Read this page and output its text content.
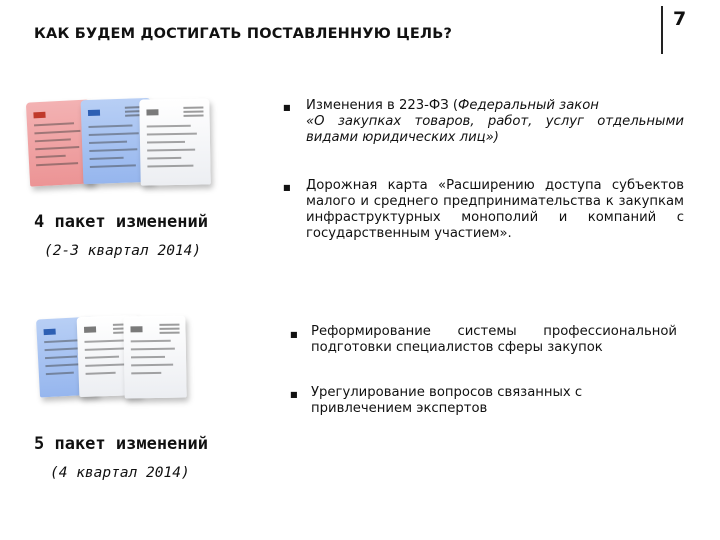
КАК БУДЕМ ДОСТИГАТЬ ПОСТАВЛЕННУЮ ЦЕЛЬ?
7
4 пакет изменений
(2-3 квартал 2014)
■ Изменения в 223-ФЗ (Федеральный закон
«О закупках товаров, работ, услуг отдельными видами юридических лиц»)
■ Дорожная карта «Расширению доступа субъектов малого и среднего предпринимательства к закупкам инфраструктурных монополий и компаний с государственным участием».
■ Реформирование системы профессиональной подготовки специалистов сферы закупок
■ Урегулирование вопросов связанных с привлечением экспертов
5 пакет изменений
(4 квартал 2014)
